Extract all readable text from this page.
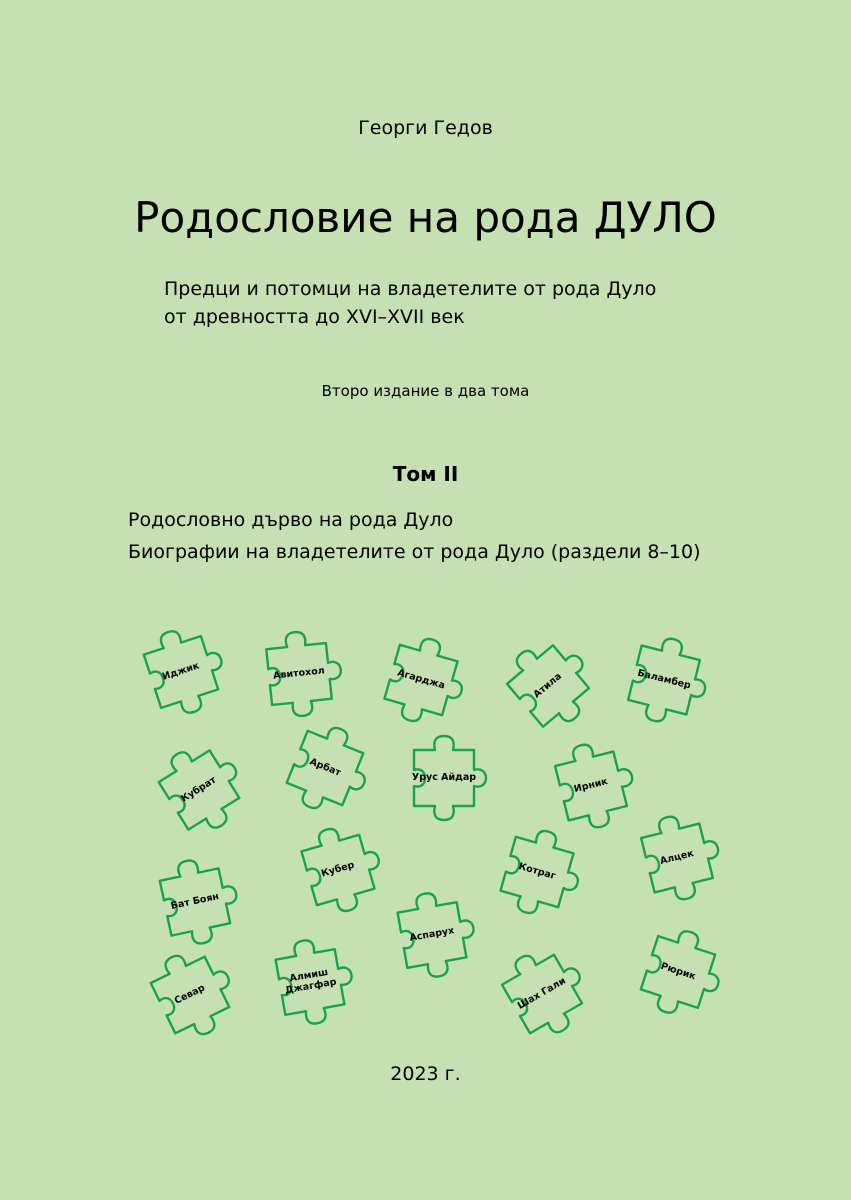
Георги Гедов
Родословие на рода ДУЛО
Предци и потомци на владетелите от рода Дуло
от древността до XVI–XVII век
Второ издание в два тома
Том II
Родословно дърво на рода Дуло
Биографии на владетелите от рода Дуло (раздели 8–10)
Иджик	Авитохол	Агарджа	Атила	Баламбер
Кубрат
Арбат	Урус Айдар	Ирник
Кубер	Котраг
Алцек
Бат Боян
Аспарух
Севар
Алмиш Джагфар	Шах Гали
Рюрик
2023 г.
